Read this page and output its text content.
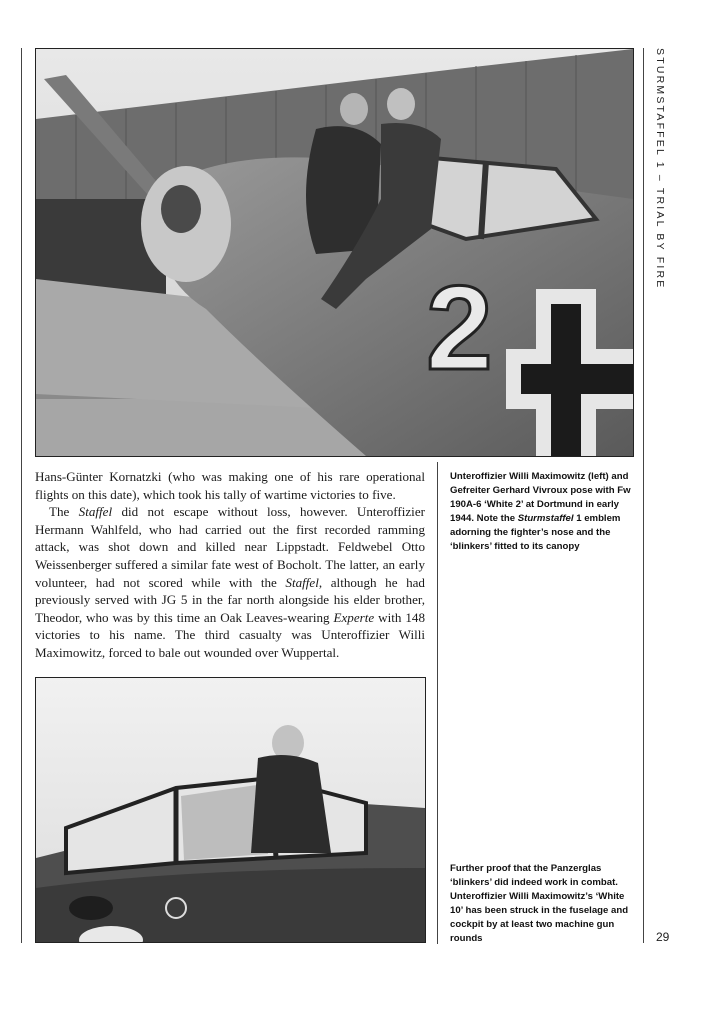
STURMSTAFFEL 1 – TRIAL BY FIRE
2

Hans-Günter Kornatzki (who was making one of his rare operational flights on this date), which took his tally of wartime victories to five.

The Staffel did not escape without loss, however. Unteroffizier Hermann Wahlfeld, who had carried out the first recorded ramming attack, was shot down and killed near Lippstadt. Feldwebel Otto Weissenberger suffered a similar fate west of Bocholt. The latter, an early volunteer, had not scored while with the Staffel, although he had previously served with JG 5 in the far north alongside his elder brother, Theodor, who was by this time an Oak Leaves-wearing Experte with 148 victories to his name. The third casualty was Unteroffizier Willi Maximowitz, forced to bale out wounded over Wuppertal.

Unteroffizier Willi Maximowitz (left) and Gefreiter Gerhard Vivroux pose with Fw 190A-6 ‘White 2’ at Dortmund in early 1944. Note the Sturmstaffel 1 emblem adorning the fighter’s nose and the ‘blinkers’ fitted to its canopy
Further proof that the Panzerglas ‘blinkers’ did indeed work in combat. Unteroffizier Willi Maximowitz’s ‘White 10’ has been struck in the fuselage and cockpit by at least two machine gun rounds	29
